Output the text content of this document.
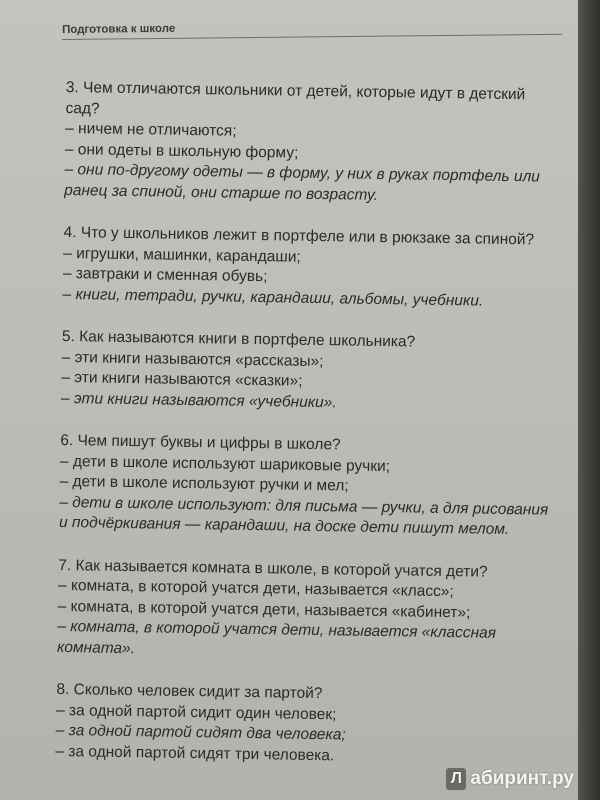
Подготовка к школе
3. Чем отличаются школьники от детей, которые идут в детский сад?
– ничем не отличаются;
– они одеты в школьную форму;
– они по-другому одеты — в форму, у них в руках портфель или ранец за спиной, они старше по возрасту.
4. Что у школьников лежит в портфеле или в рюкзаке за спиной?
– игрушки, машинки, карандаши;
– завтраки и сменная обувь;
– книги, тетради, ручки, карандаши, альбомы, учебники.
5. Как называются книги в портфеле школьника?
– эти книги называются «рассказы»;
– эти книги называются «сказки»;
– эти книги называются «учебники».
6. Чем пишут буквы и цифры в школе?
– дети в школе используют шариковые ручки;
– дети в школе используют ручки и мел;
– дети в школе используют: для письма — ручки, а для рисования и подчёркивания — карандаши, на доске дети пишут мелом.
7. Как называется комната в школе, в которой учатся дети?
– комната, в которой учатся дети, называется «класс»;
– комната, в которой учатся дети, называется «кабинет»;
– комната, в которой учатся дети, называется «классная комната».
8. Сколько человек сидит за партой?
– за одной партой сидит один человек;
– за одной партой сидят два человека;
– за одной партой сидят три человека.
Л абиринт.ру
